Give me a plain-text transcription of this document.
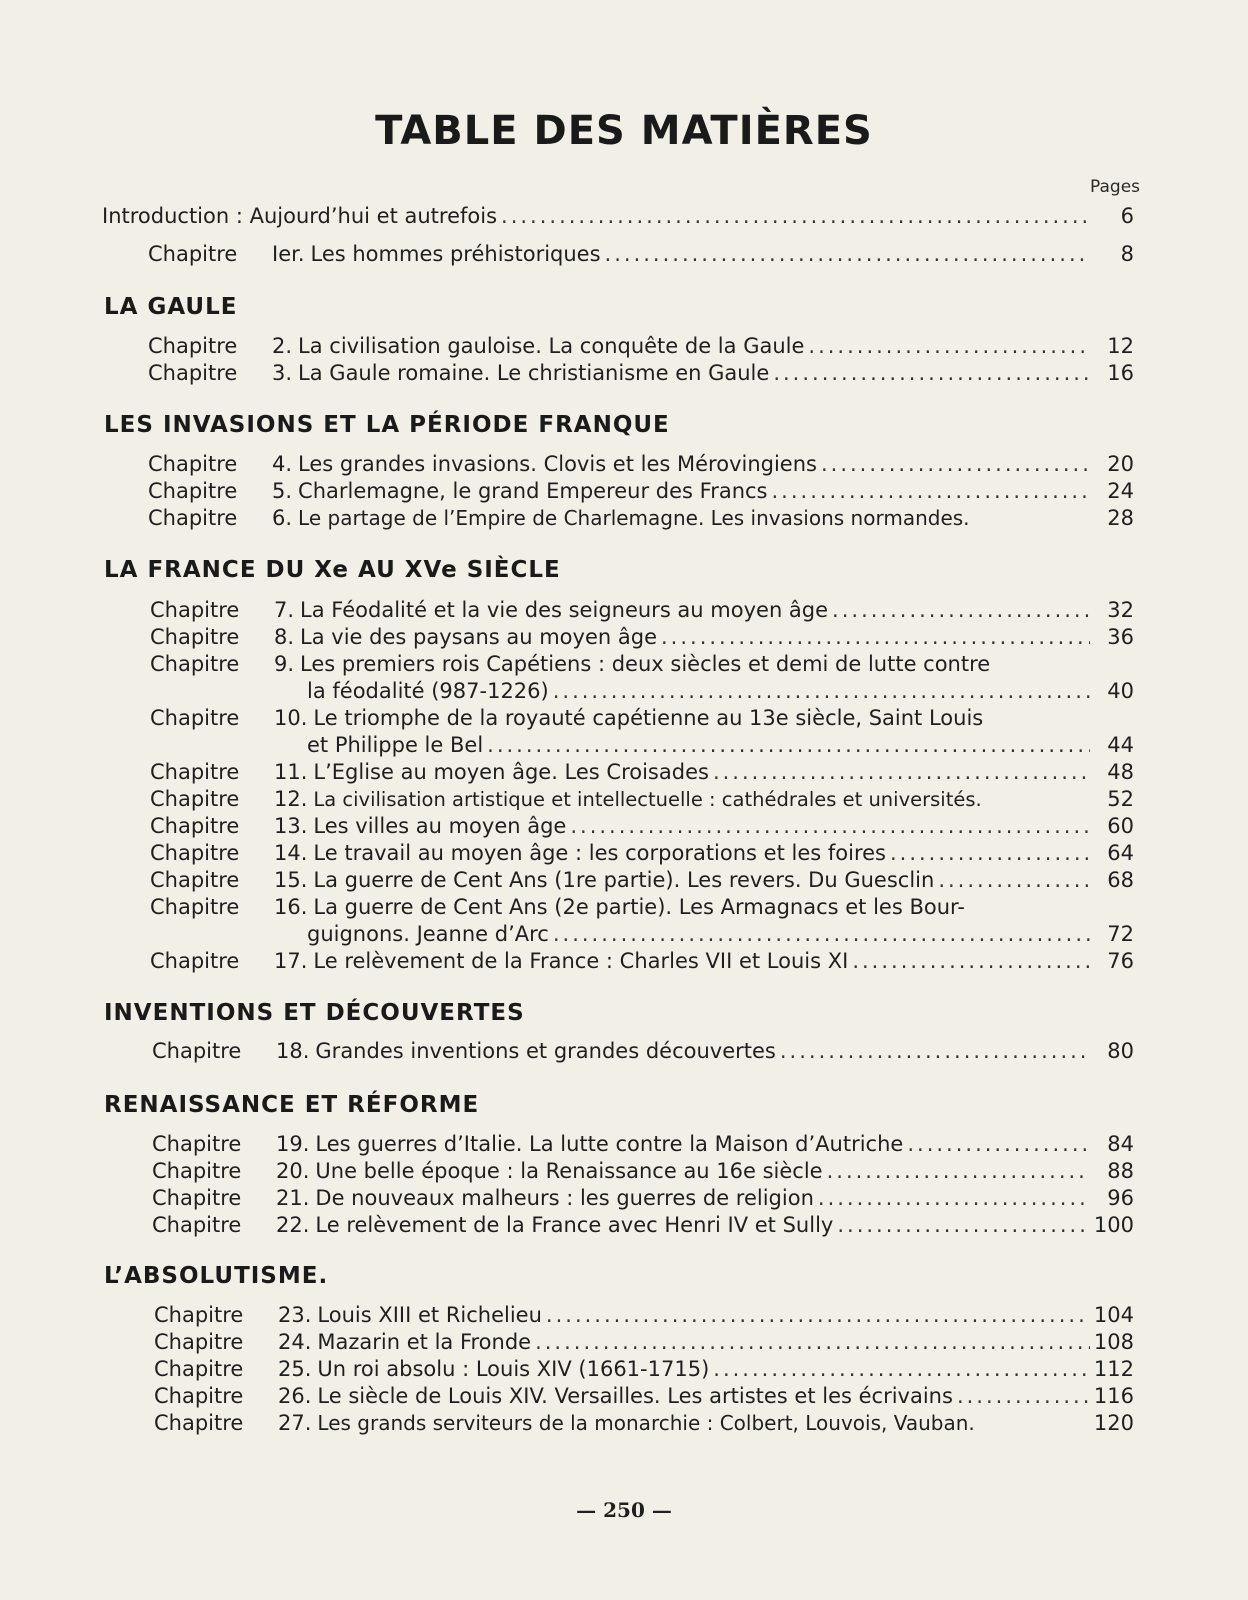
TABLE DES MATIÈRES
Pages
Introduction : Aujourd’hui et autrefois .....	6
Chapitre	Ier. Les hommes préhistoriques .....	8
LA GAULE
Chapitre	2. La civilisation gauloise. La conquête de la Gaule .....	12
Chapitre	3. La Gaule romaine. Le christianisme en Gaule .....	16
LES INVASIONS ET LA PÉRIODE FRANQUE
Chapitre	4. Les grandes invasions. Clovis et les Mérovingiens .....	20
Chapitre	5. Charlemagne, le grand Empereur des Francs .....	24
Chapitre	6. Le partage de l’Empire de Charlemagne. Les invasions normandes.	28
LA FRANCE DU Xe AU XVe SIÈCLE
Chapitre	7. La Féodalité et la vie des seigneurs au moyen âge .....	32
Chapitre	8. La vie des paysans au moyen âge .....	36
Chapitre	9. Les premiers rois Capétiens : deux siècles et demi de lutte contre
la féodalité (987-1226) .....	40
Chapitre	10. Le triomphe de la royauté capétienne au 13e siècle, Saint Louis
et Philippe le Bel .....	44
Chapitre	11. L’Eglise au moyen âge. Les Croisades .....	48
Chapitre	12. La civilisation artistique et intellectuelle : cathédrales et universités.	52
Chapitre	13. Les villes au moyen âge .....	60
Chapitre	14. Le travail au moyen âge : les corporations et les foires .....	64
Chapitre	15. La guerre de Cent Ans (1re partie). Les revers. Du Guesclin .....	68
Chapitre	16. La guerre de Cent Ans (2e partie). Les Armagnacs et les Bour-
guignons. Jeanne d’Arc .....	72
Chapitre	17. Le relèvement de la France : Charles VII et Louis XI .....	76
INVENTIONS ET DÉCOUVERTES
Chapitre	18. Grandes inventions et grandes découvertes .....	80
RENAISSANCE ET RÉFORME
Chapitre	19. Les guerres d’Italie. La lutte contre la Maison d’Autriche .....	84
Chapitre	20. Une belle époque : la Renaissance au 16e siècle .....	88
Chapitre	21. De nouveaux malheurs : les guerres de religion .....	96
Chapitre	22. Le relèvement de la France avec Henri IV et Sully .....	100
L’ABSOLUTISME.
Chapitre	23. Louis XIII et Richelieu .....	104
Chapitre	24. Mazarin et la Fronde .....	108
Chapitre	25. Un roi absolu : Louis XIV (1661-1715) .....	112
Chapitre	26. Le siècle de Louis XIV. Versailles. Les artistes et les écrivains .....	116
Chapitre	27. Les grands serviteurs de la monarchie : Colbert, Louvois, Vauban.	120
— 250 —
